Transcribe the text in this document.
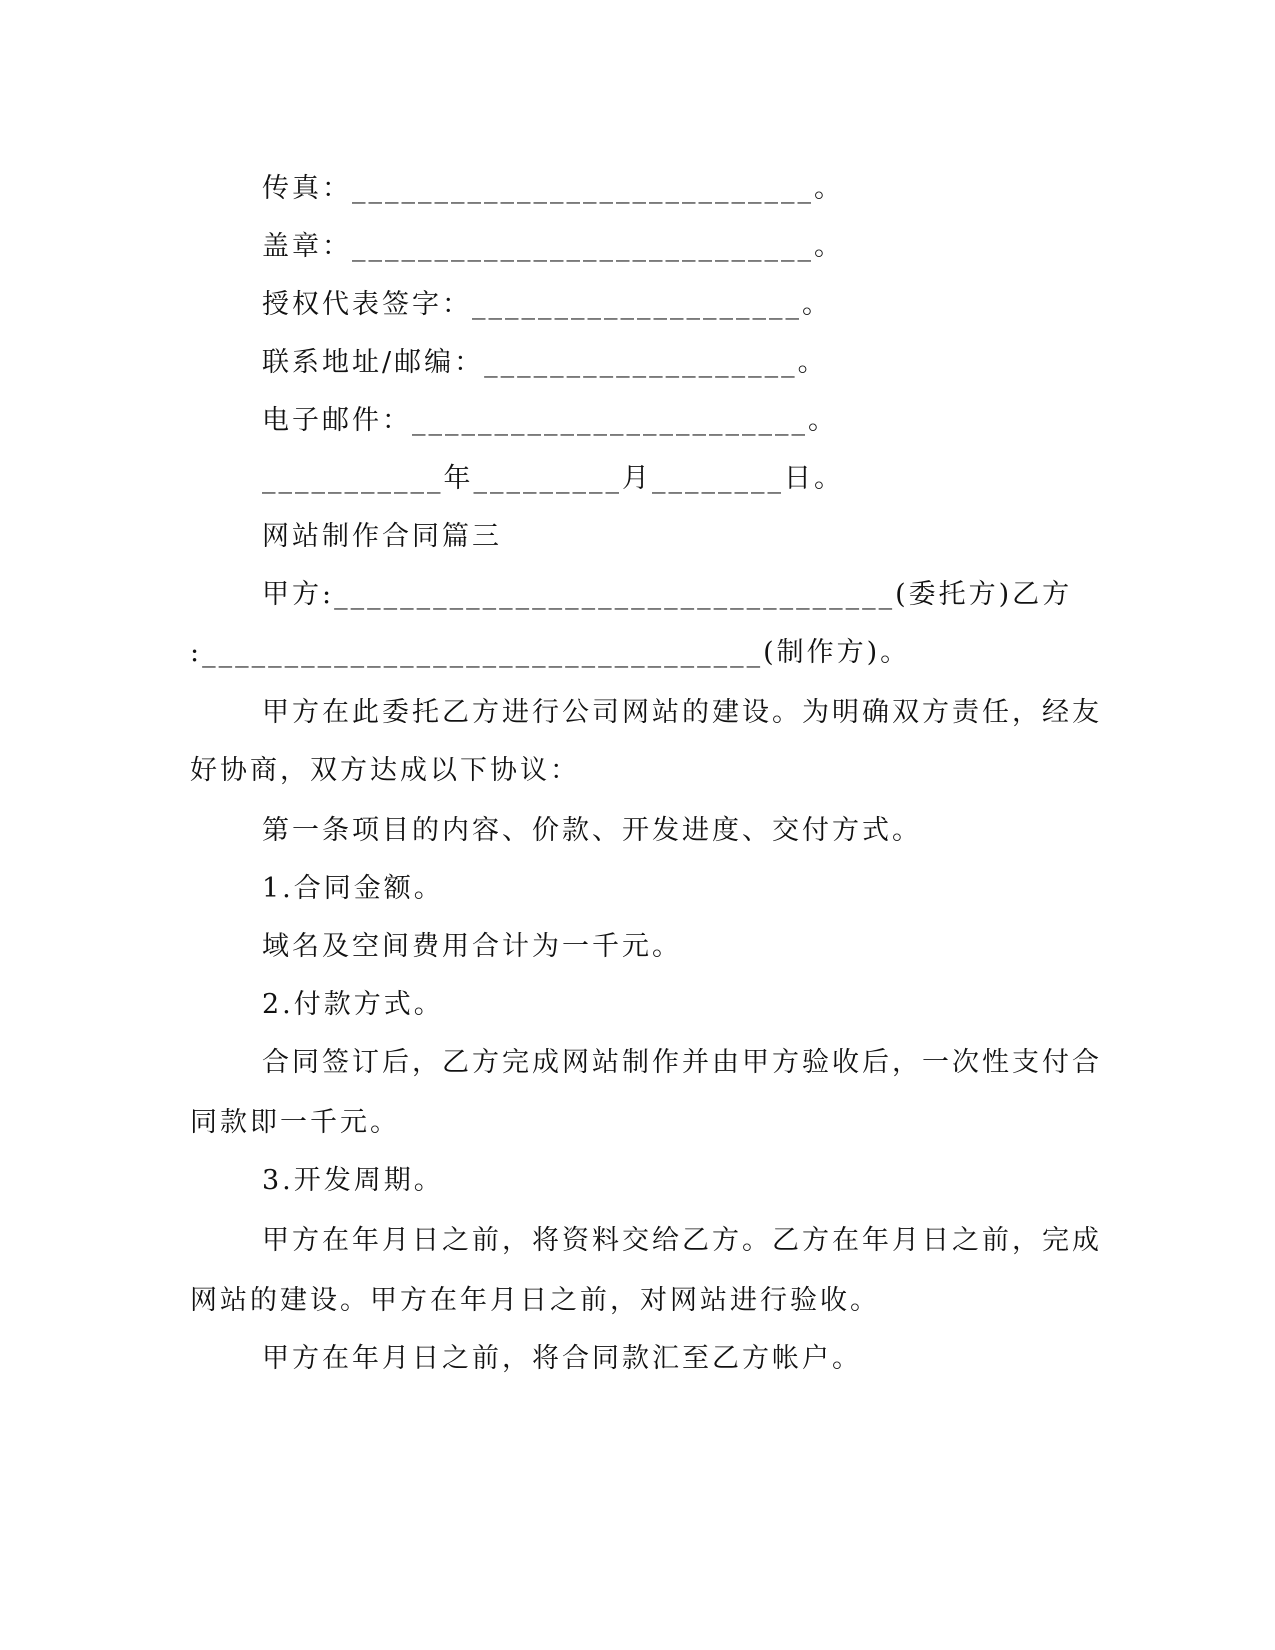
传真：____________________________。
盖章：____________________________。
授权代表签字：____________________。
联系地址/邮编：___________________。
电子邮件：________________________。
___________年_________月________日。
网站制作合同篇三
甲方:__________________________________(委托方)乙方
:__________________________________(制作方)。
甲方在此委托乙方进行公司网站的建设。为明确双方责任，经友
好协商，双方达成以下协议：
第一条项目的内容、价款、开发进度、交付方式。
1.合同金额。
域名及空间费用合计为一千元。
2.付款方式。
合同签订后，乙方完成网站制作并由甲方验收后，一次性支付合
同款即一千元。
3.开发周期。
甲方在年月日之前，将资料交给乙方。乙方在年月日之前，完成
网站的建设。甲方在年月日之前，对网站进行验收。
甲方在年月日之前，将合同款汇至乙方帐户。
